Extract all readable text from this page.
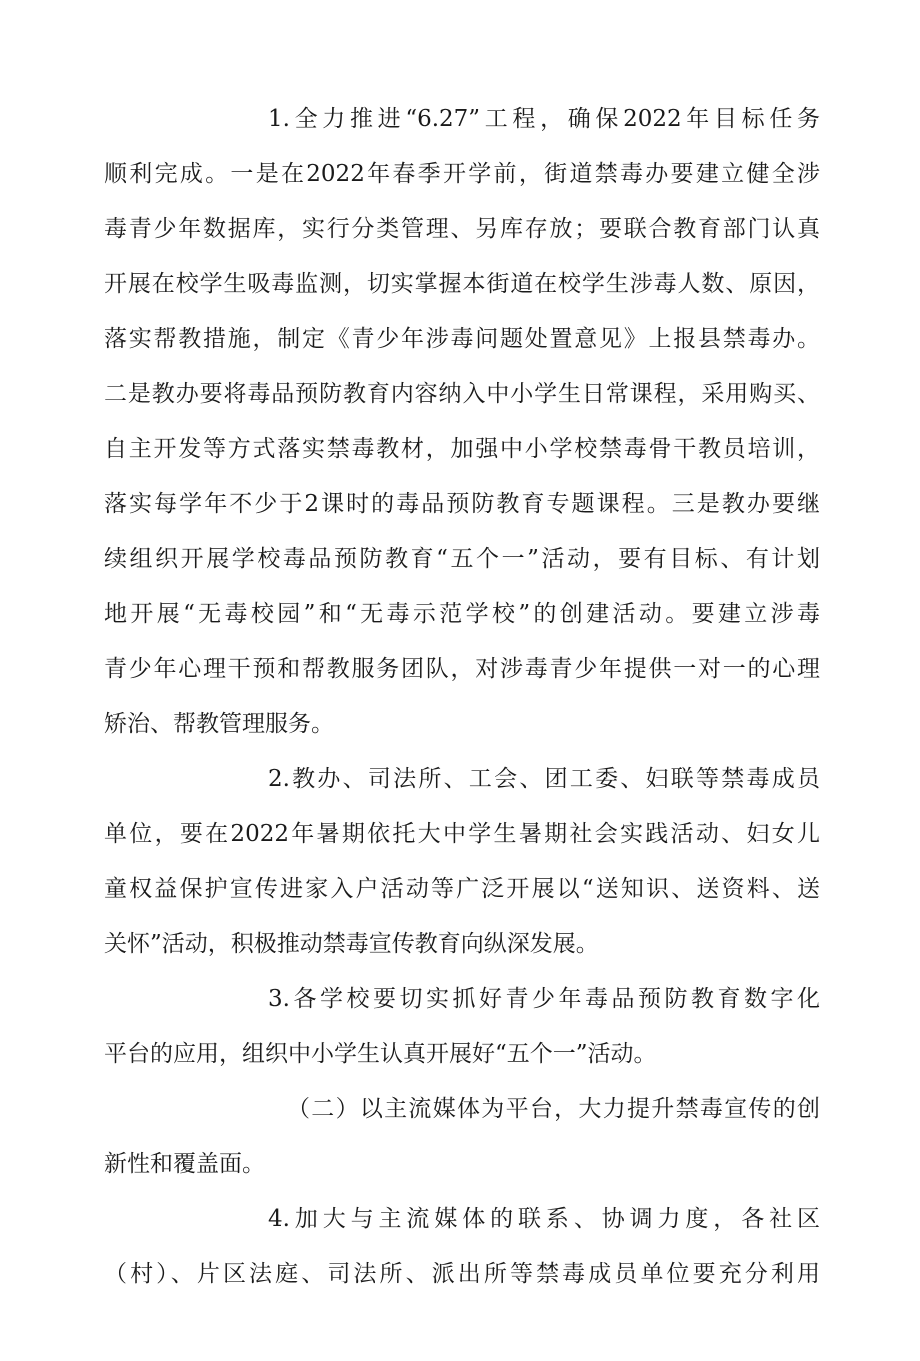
1.全力推进“6.27”工程，确保2022年目标任务
顺利完成。一是在2022年春季开学前，街道禁毒办要建立健全涉
毒青少年数据库，实行分类管理、另库存放；要联合教育部门认真
开展在校学生吸毒监测，切实掌握本街道在校学生涉毒人数、原因，
落实帮教措施，制定《青少年涉毒问题处置意见》上报县禁毒办。
二是教办要将毒品预防教育内容纳入中小学生日常课程，采用购买、
自主开发等方式落实禁毒教材，加强中小学校禁毒骨干教员培训，
落实每学年不少于2课时的毒品预防教育专题课程。三是教办要继
续组织开展学校毒品预防教育“五个一”活动，要有目标、有计划
地开展“无毒校园”和“无毒示范学校”的创建活动。要建立涉毒
青少年心理干预和帮教服务团队，对涉毒青少年提供一对一的心理
矫治、帮教管理服务。
2.教办、司法所、工会、团工委、妇联等禁毒成员
单位，要在2022年暑期依托大中学生暑期社会实践活动、妇女儿
童权益保护宣传进家入户活动等广泛开展以“送知识、送资料、送
关怀”活动，积极推动禁毒宣传教育向纵深发展。
3.各学校要切实抓好青少年毒品预防教育数字化
平台的应用，组织中小学生认真开展好“五个一”活动。
（二）以主流媒体为平台，大力提升禁毒宣传的创
新性和覆盖面。
4.加大与主流媒体的联系、协调力度，各社区
（村）、片区法庭、司法所、派出所等禁毒成员单位要充分利用
